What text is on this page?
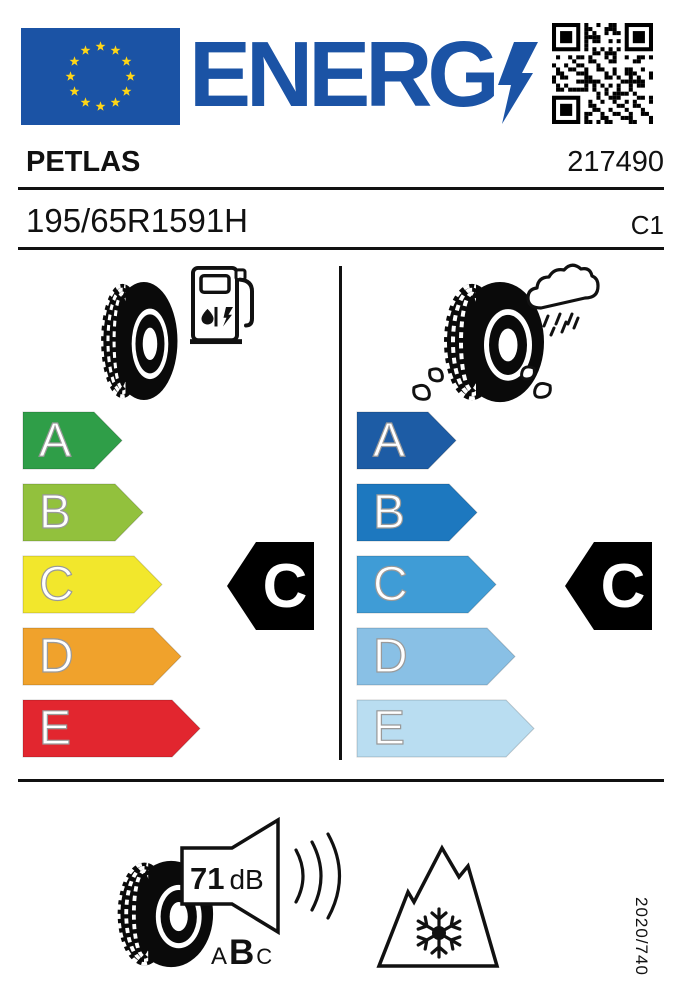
ENERG
PETLAS	217490
195/65R1591H	C1
A
B
C
D
E
C
A
B
C
D
E
C
71 dB
A B C	2020/740
